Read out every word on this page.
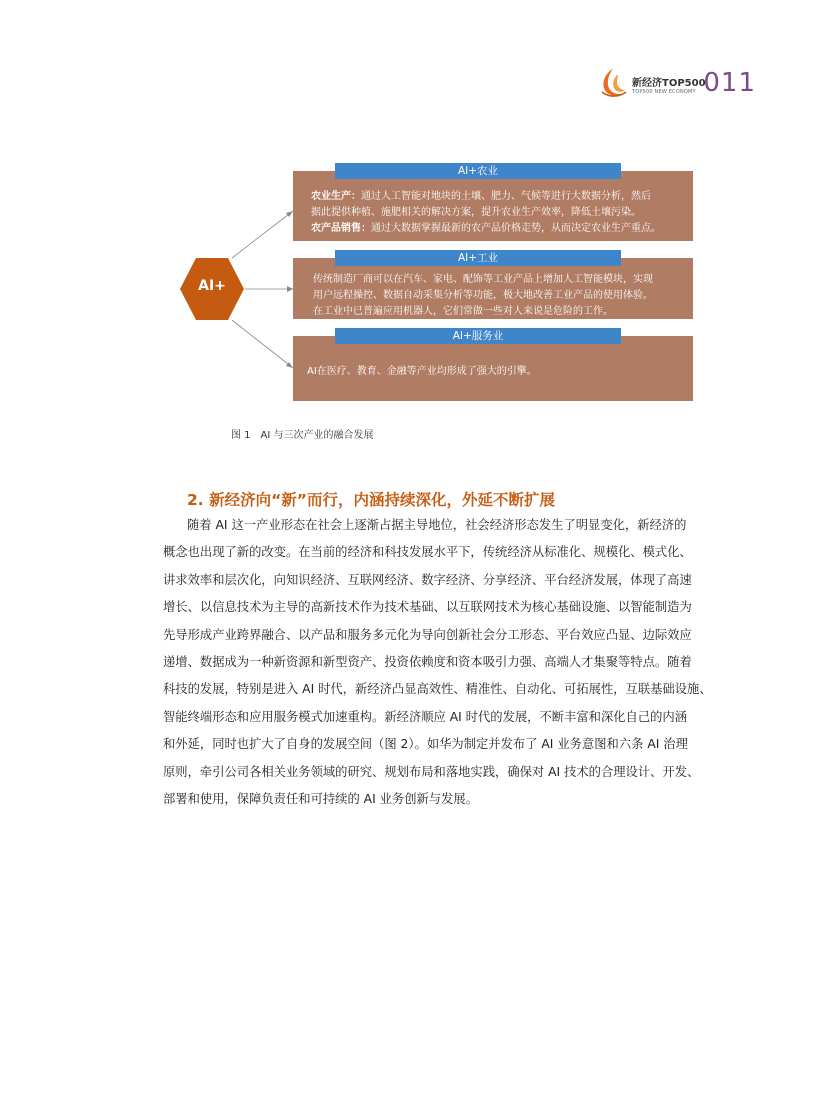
新经济TOP500
TOP500 NEW ECONOMY 011
AI+

农业生产：通过人工智能对地块的土壤、肥力、气候等进行大数据分析，然后

据此提供种植、施肥相关的解决方案，提升农业生产效率，降低土壤污染。

农产品销售：通过大数据掌握最新的农产品价格走势，从而决定农业生产重点。

AI+农业

传统制造厂商可以在汽车、家电、配饰等工业产品上增加人工智能模块，实现

用户远程操控、数据自动采集分析等功能，极大地改善工业产品的使用体验。

在工业中已普遍应用机器人，它们常做一些对人来说是危险的工作。

AI+工业

AI在医疗、教育、金融等产业均形成了强大的引擎。

AI+服务业
图 1　AI 与三次产业的融合发展
2. 新经济向“新”而行，内涵持续深化，外延不断扩展
随着 AI 这一产业形态在社会上逐渐占据主导地位，社会经济形态发生了明显变化，新经济的
概念也出现了新的改变。在当前的经济和科技发展水平下，传统经济从标准化、规模化、模式化、
讲求效率和层次化，向知识经济、互联网经济、数字经济、分享经济、平台经济发展，体现了高速
增长、以信息技术为主导的高新技术作为技术基础、以互联网技术为核心基础设施、以智能制造为
先导形成产业跨界融合、以产品和服务多元化为导向创新社会分工形态、平台效应凸显、边际效应
递增、数据成为一种新资源和新型资产、投资依赖度和资本吸引力强、高端人才集聚等特点。随着
科技的发展，特别是进入 AI 时代，新经济凸显高效性、精准性、自动化、可拓展性，互联基础设施、
智能终端形态和应用服务模式加速重构。新经济顺应 AI 时代的发展，不断丰富和深化自己的内涵
和外延，同时也扩大了自身的发展空间（图 2）。如华为制定并发布了 AI 业务意图和六条 AI 治理
原则，牵引公司各相关业务领域的研究、规划布局和落地实践，确保对 AI 技术的合理设计、开发、
部署和使用，保障负责任和可持续的 AI 业务创新与发展。
